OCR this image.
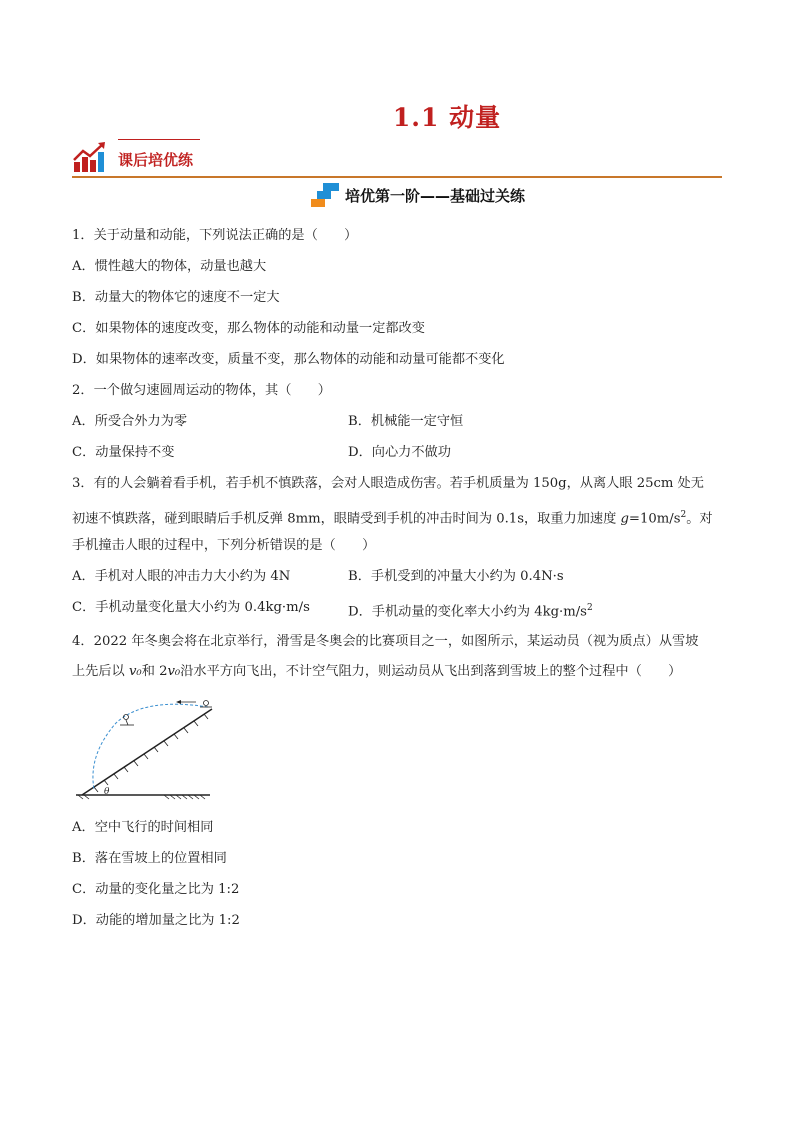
1.1 动量
课后培优练
培优第一阶——基础过关练
1．关于动量和动能，下列说法正确的是（　　）
A．惯性越大的物体，动量也越大
B．动量大的物体它的速度不一定大
C．如果物体的速度改变，那么物体的动能和动量一定都改变
D．如果物体的速率改变，质量不变，那么物体的动能和动量可能都不变化
2．一个做匀速圆周运动的物体，其（　　）
A．所受合外力为零	B．机械能一定守恒
C．动量保持不变	D．向心力不做功
3．有的人会躺着看手机，若手机不慎跌落，会对人眼造成伤害。若手机质量为 150g，从离人眼 25cm 处无
初速不慎跌落，碰到眼睛后手机反弹 8mm，眼睛受到手机的冲击时间为 0.1s，取重力加速度 $g=10m/s^2$。对
手机撞击人眼的过程中，下列分析错误的是（　　）
A．手机对人眼的冲击力大小约为 4N	B．手机受到的冲量大小约为 0.4N·s
C．手机动量变化量大小约为 0.4kg·m/s	D．手机动量的变化率大小约为 $4kg\cdot m/s^2$
4．2022 年冬奥会将在北京举行，滑雪是冬奥会的比赛项目之一，如图所示，某运动员（视为质点）从雪坡
上先后以 v₀和 2v₀沿水平方向飞出，不计空气阻力，则运动员从飞出到落到雪坡上的整个过程中（　　）
θ
A．空中飞行的时间相同
B．落在雪坡上的位置相同
C．动量的变化量之比为 1:2
D．动能的增加量之比为 1:2
